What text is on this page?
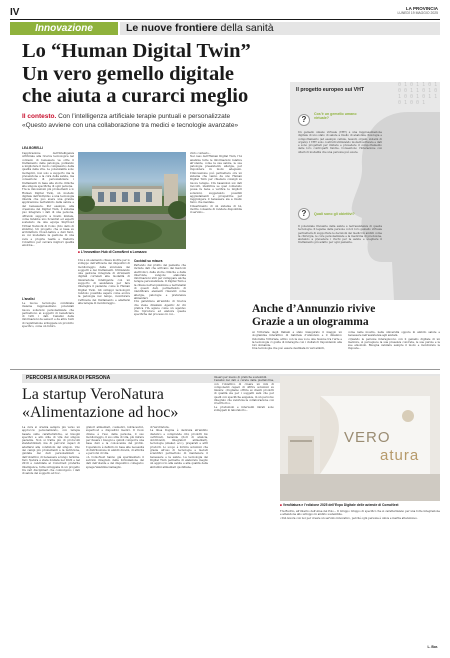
IV	LA PROVINCIA
LUNEDÌ 19 MAGGIO 2025
Innovazione	Le nuove frontiere della sanità
Lo “Human Digital Twin”
Un vero gemello digitale
che aiuta a curarci meglio
Il contesto. Con l’intelligenza artificiale terapie puntuali e personalizzate
«Questo avviene con una collaborazione tra medici e tecnologie avanzate»
LEA BORELLI
L’applicazione dell’Intelligenza Artificiale alla ricerca tecnologica nel contesto di benessere va oltre il trattamento delle patologie, puntando a migliorare il modo complessivo della qualità della vita. Le potenzialità sono molteplici, non solo a supporto ma la prevenzione e la cura della salute, ma consentono di personalizzare i trattamenti in base alle storie cliniche alle singole specifiche di ogni persona.
Tra le innovazioni più promettenti è lo Human Digital Twin, un modello digitale dell’individuo è una tecnologia intenta che può avere una grande applicazione nell’ambito della salute e del benessere. Per esempio, alla creazione del Digital Twin, il sistema può integrare i dati di una persona, offrendo supporto a livello iniziale, come farebbe uno Scientist ed esperti sostenuto da una equipe SkyCloud Virtual Network di Como (foto dello di sinistra). Un progetto che si basa su architetture Cloud-native e dati fisici, su cui modellare la gestione di una vera e propria realtà e tradurre l’obiettivo per cercare migliori qualità emotiva…
L’analisi
Le nuove tecnologie combinate insieme rappresentano potenziali nuove soluzioni personalizzate che permettono ai soggetti di beneficiare di tutti i dati. L’analisi delle informazioni da sensori e da altre fonti di registrazione sviluppate un prodotto specifico, come un futuro.
■ L’innovation Hub di ComoNext a Lomazzo
L’IA è un elemento chiave inoltre per lo sviluppo dell’efficacia dei dispositivi di monitoraggio della sicurezza dei soggetti e dei trattamenti. Utilizzando una gestione integrata di strumenti digitali correlati alla modalità di misurazione intelligente con un supporto di assistenza per fare interagire il paziente; come lo Human Digital Twin. Gli sviluppi tecnologici rendono possibile sapere come evolve la patologia nel tempo, monitorare l’efficacia del trattamento e adattarsi alla terapia di monitoraggio.
Cocktail su misura
Partendo dal profilo del paziente che include dati che arrivano dai fascicoli elettronici, dalle storie cliniche e dalle interviste, vengono elaborate informazioni utili per sviluppare anche terapie personalizzate. Il Digital Twin è la chiave nell’acquisizione e nell’analisi di questi dati, permettendo di identificare elementi rilevanti come allergie, patologie e preferenze alimentari.
L’IA garantisce all’ambito di ricerca che viene chiamato Agentic AI «In pratica l’IA agisce come un agente» che riproduce ed elabora queste specifiche del processo in cui...
vinto contesto...
Nel caso dell’Human Digital Twin, l’IA analizza tutte le informazioni relative all’utente, come la sua salute, le sue patologie preesistenti, allergie, per rispondere in modo adeguato. L’innovazione può permettere ora un sistema che vanno da uno Human Digital Twin per chiedere consigli su nuove terapie. L’IA basandosi sui dati raccolti, identifica se quel contenuto possa fa bene e verifica le migliori soluzioni, suggerendo possibili aggiustamenti e prospettive per raggiungere il benessere sia a livello fisico che mentale.
L’inserimento di un sistema di IA, inoltre consente di rendere disponibile il servizio...
0 1 0 1 1 0 1 0 0 1 1 0 1 0 1 0 0 1 0 1 1 0 1 0 0 1
Il progetto europeo sui VHT
?
Cos’è un gemello umano virtuale?
Un gemello umano virtuale (VHT) è una rappresentazione digitale di uno stato di salute a livello di anatomia, fisiologia e comportamento (ad esempio cellule, tessuti, organi, sistemi di organi). I VHT sono costruiti utilizzando modelli software e dati e sono progettati per imitare e prevedere il comportamento delle loro controparti fisiche. Consentono l’interazione con ulteriori modalità che una persona può avere.
?	Quali sono gli obiettivi?
Il potenziale rilevante della salute è nell’assistenza di questa tecnologia. Il legame delle persone con il loro gemello virtuale permetterà di supportare le decisioni dei medici in ambiti come la chirurgia, le cure personalizzate e la medicina di precisione, aiutando a prevedere i rischi per la salute e scegliere il trattamento più adatto per ogni paziente.
Anche d’Annunzio rivive
Grazie a un ologramma
Ai Vittoriale degli Italiani è stato inaugurato il maggio un ologramma interattivo di Gabriele d’Annunzio e il dinamico ristorante Vittoriale, attivo con la sua voce una fusione tra l’arte e la tecnologia ci guida di interagire con i visitatori rispondendo alle loro domande.
Una tecnologia che può essere destinata in vari ambiti,
come nelle mostre, nelle università oppure in ambito salute e benessere nell’assistenza agli anziani.
«Quando le persone interagiscono con il gemello digitale di un mentore, si percepisce la sua presenza concreta, le sue parole e le sue emozioni. Bisogna valutare sempre il modo e monitorare le risposte...
PERCORSI A MISURA DI PERSONA
La startup VeroNatura
«Alimentazione ad hoc»
La cura si orienta sempre più verso un approccio personalizzato, con terapie basate sulle caratteristiche, ai bisogni specifici e allo stile di vita del singolo paziente. Non si tratta più di protocolli standardizzati, ma di percorsi capaci di adattarsi alle condizioni del singolo. Uno dei campi più promettenti è la nutrizione, guidata dai dati personalizzati e dall’obiettivo di benessere a lungo termine. Vero Natura è stata fondata nel 2020 e nel 2019 è candidata al ComoNext preferite intelligence, tutta sviluppata in un progetto tra vari disciplinari che coinvolgono i dati di salute del soggetto ad hoc.
gratori alimentari, cosmetici, nutraceutici, superfood e dispositivi medici. Il ruolo chiave è l’uso della persona, il suo monitoraggio, il suo stile di vita, più mirare per fissare i bisogni e quindi comporre una base dati e la conoscenza del profilo. L’operatore è definito in base alle necessità di distribuzione in ambiti diversi, di attività e percorsi di vita.
«A ComoNext hanno già sperimentato il servizio integrato della formulazione dei dati dell’utente e del dispositivo collegato» spiega Valentina Gamaglio.
di VeroNatura.
La linea Dogma è dedicata all’ambito dietetico e comprende cibi, prodotti bio certificati, bevande (fiori di arancia, dolcificanti, integratori alimentari), tecnologie (shaker, ecc.), preparati e altri prodotti. Lo scopo è fornire soluzioni che grazie all’uso di tecnologie e metodi scientifici permettono di mantenere il benessere e la salute. La tecnologia dei Digital Twin permette di elaborare meglio un approccio alla salute e alla qualità delle abitudini alimentari quotidiane.
lineari per mezzo di pratiche sostenibili.
L’analisi dei dati è curata dalla piattaforma, con l’obiettivo di creare un mix di componenti capaci di offrire soluzioni su misura: «Vogliamo offrire ai clienti prodotti di qualità sia per i soggetti sani che per quelli con specifiche esigenze, in un percorso integrato che valorizza la collaborazione con il territorio».
Le produzioni e interventi mirati sono sviluppati in laboratorio...
VERO
atura
■ VeroNatura e l’edizione 2025 dell’Expo Digitale delle aziende di ComoNext
Tra Budrio, all’interno dell’Area del Polo... Il Gruppo Gruppo di specifici che si caratterizzano per una forte integrazione e attenzione allo sviluppo in ambito sostenibile.
«L’IA lavora con noi per creare un servizio innovativo, perché ogni persona è unica e merita attenzione».
L. Bor.
